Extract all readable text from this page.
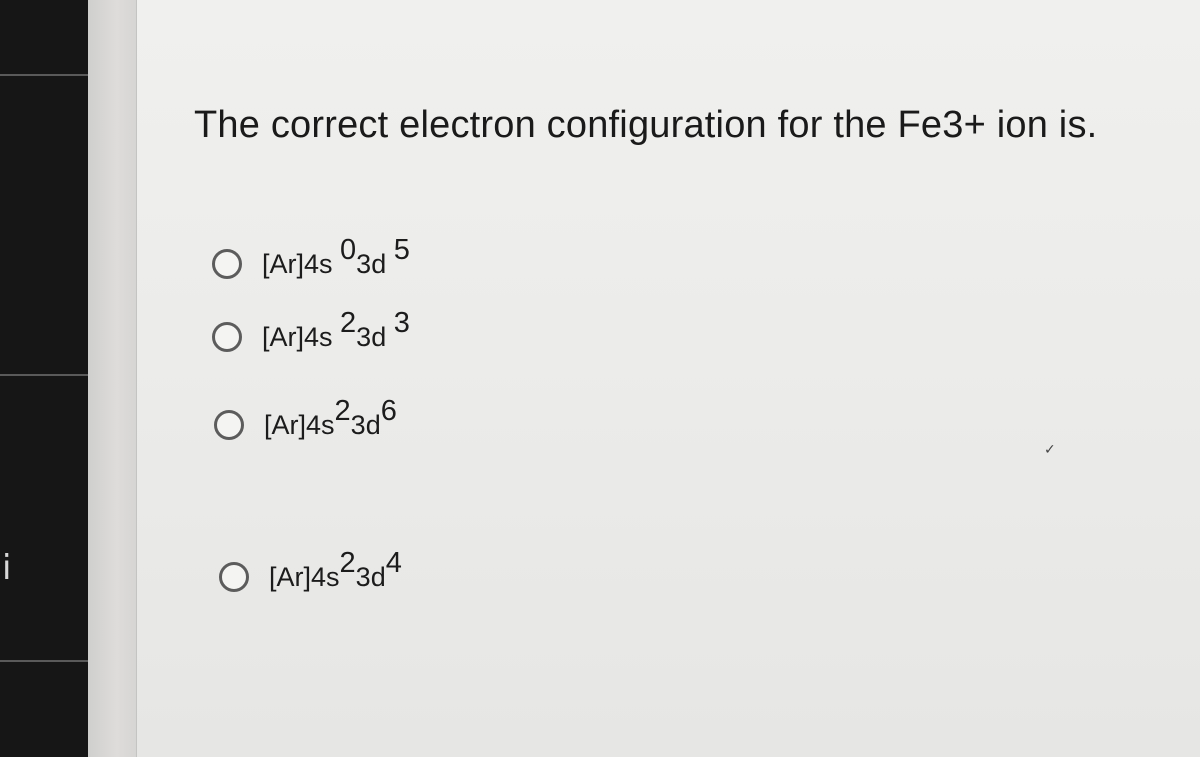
i
The correct electron configuration for the Fe3+ ion is.
[Ar]4s $^0$3d $^5$
[Ar]4s $^2$3d $^3$
$[Ar]4s^23d^6$
$[Ar]4s^23d^4$
✓
